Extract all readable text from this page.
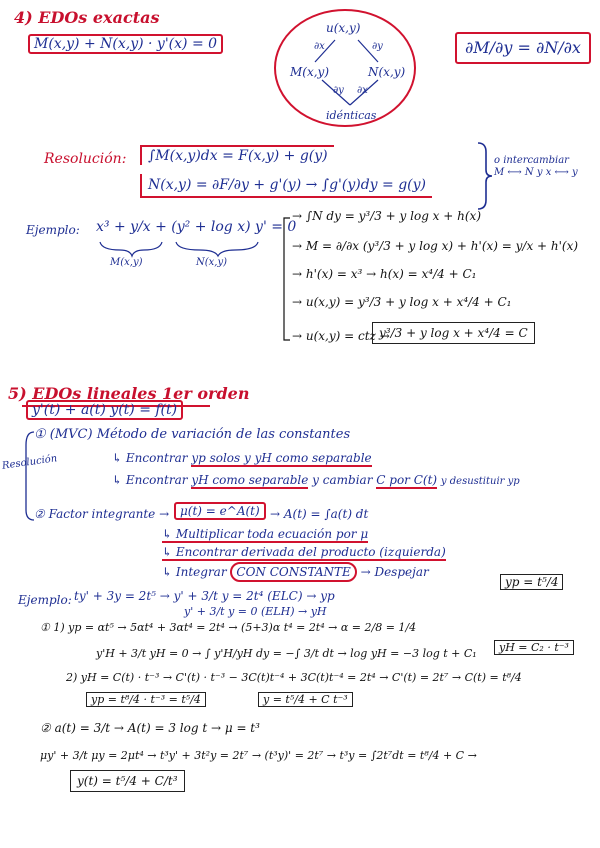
4) EDOs exactas
M(x,y) + N(x,y) · y'(x) = 0	∂M/∂y = ∂N/∂x
u(x,y)
∂x	∂y
M(x,y)	N(x,y)
∂y ∂x
idénticas
Resolución:	∫M(x,y)dx = F(x,y) + g(y)
N(x,y) = ∂F/∂y + g'(y) → ∫g'(y)dy = g(y)
o intercambiar
M ⟷ N y x ⟷ y
Ejemplo: x³ + y/x + (y² + log x) y' = 0
M(x,y)	N(x,y)
→ ∫N dy = y³/3 + y log x + h(x)
→ M = ∂/∂x (y³/3 + y log x) + h'(x) = y/x + h'(x)
→ h'(x) = x³ → h(x) = x⁴/4 + C₁
→ u(x,y) = y³/3 + y log x + x⁴/4 + C₁
→ u(x,y) = ctz →
y³/3 + y log x + x⁴/4 = C
5) EDOs lineales 1er orden
y'(t) + a(t) y(t) = f(t)
Resolución
① (MVC) Método de variación de las constantes
↳ Encontrar yp solos y yH como separable
↳ Encontrar yH como separable y cambiar C por C(t) y desustituir yp
② Factor integrante → μ(t) = e^A(t) → A(t) = ∫a(t) dt
↳ Multiplicar toda ecuación por μ
↳ Encontrar derivada del producto (izquierda)
↳ Integrar CON CONSTANTE → Despejar
Ejemplo: ty' + 3y = 2t⁵ → y' + 3/t y = 2t⁴ (ELC) → yp
y' + 3/t y = 0 (ELH) → yH
yp = t⁵/4
① 1) yp = αt⁵ → 5αt⁴ + 3αt⁴ = 2t⁴ → (5+3)α t⁴ = 2t⁴ → α = 2/8 = 1/4
y'H + 3/t yH = 0 → ∫ y'H/yH dy = −∫ 3/t dt → log yH = −3 log t + C₁	yH = C₂ · t⁻³
2) yH = C(t) · t⁻³ → C'(t) · t⁻³ − 3C(t)t⁻⁴ + 3C(t)t⁻⁴ = 2t⁴ → C'(t) = 2t⁷ → C(t) = t⁸/4
yp = t⁸/4 · t⁻³ = t⁵/4	y = t⁵/4 + C t⁻³
② a(t) = 3/t → A(t) = 3 log t → μ = t³
μy' + 3/t μy = 2μt⁴ → t³y' + 3t²y = 2t⁷ → (t³y)' = 2t⁷ → t³y = ∫2t⁷dt = t⁸/4 + C →
y(t) = t⁵/4 + C/t³
